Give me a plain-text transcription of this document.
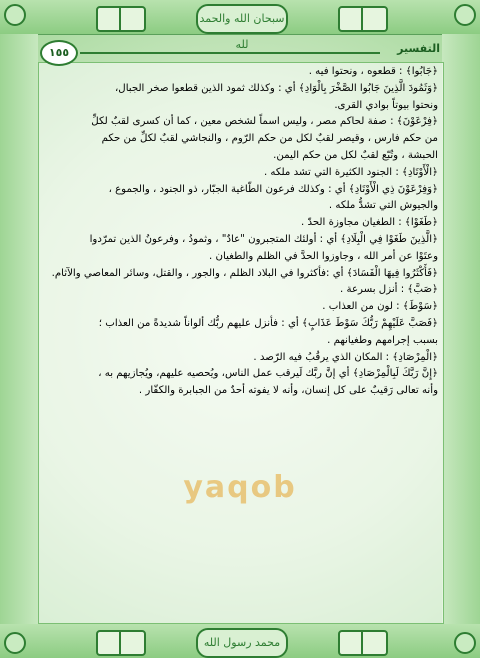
سبحان الله والحمد لله
محمد رسول الله
١٥٥	التفسير
yaqob

﴿جَابُوا﴾ : قطعوه ، ونحتوا فيه .

﴿وَثَمُودَ الَّذِينَ جَابُوا الصَّخْرَ بِالْوَادِ﴾ أي : وكذلك ثمود الذين قطعوا صخر الجبال،

ونحتوا بيوتاً بوادي القرى.

﴿فِرْعَوْنَ﴾ : صفة لحاكم مصر ، وليس اسماً لشخص معين ، كما أن كسرى لقبٌ لكلِّ

من حكم فارس ، وقيصر لقبٌ لكل من حكم الرّوم ، والنجاشي لقبٌ لكلِّ من حكم

الحبشة ، وتُبّع لقبٌ لكل من حكم اليمن.

﴿الْأَوْتَادِ﴾ : الجنود الكثيرة التي تشد ملكه .

﴿وَفِرْعَوْنَ ذِي الْأَوْتَادِ﴾ أي : وكذلك فرعون الطّاغية الجبّار، ذو الجنود ، والجموع ،

والجيوش التي تشدُّ ملكه .

﴿طَغَوْا﴾ : الطغيان مجاوزة الحدّ .

﴿الَّذِينَ طَغَوْا فِي الْبِلَادِ﴾ أي : أولئك المتجبرون "عادٌ" ، وثمودُ ، وفرعونُ الذين تمرّدوا

وعتَوْا عن أمر الله ، وجاوزوا الحدَّ في الظلم والطغيان .

﴿فَأَكْثَرُوا فِيهَا الْفَسَادَ﴾ أي :فأكثروا في البلاد الظلم ، والجور ، والقتل، وسائر المعاصي والآثام.

﴿صَبَّ﴾ : أنزل بسرعة .

﴿سَوْطَ﴾ : لون من العذاب .

﴿فَصَبَّ عَلَيْهِمْ رَبُّكَ سَوْطَ عَذَابٍ﴾ أي : فأنزل عليهم ربُّك ألواناً شديدةً من العذاب ؛

بسبب إجرامهم وطغيانهم .

﴿الْمِرْصَادِ﴾ : المكان الذي يرقُبُ فيه الرّصد .

﴿إِنَّ رَبَّكَ لَبِالْمِرْصَادِ﴾ أي إنَّ ربَّك لَيرقب عمل الناس، ويُحصيه عليهم، ويُجازيهم به ،

وأنه تعالى رَقيبٌ على كل إنسان، وأنه لا يفوته أحدٌ من الجبابرة والكفّار .
